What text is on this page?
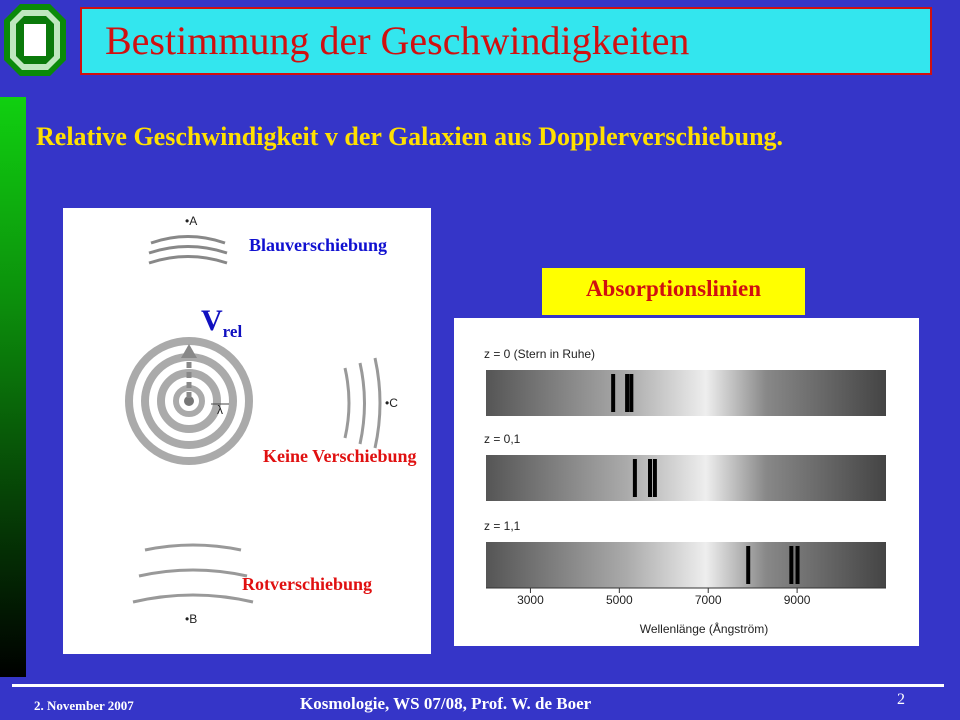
Bestimmung der Geschwindigkeiten
Relative Geschwindigkeit v der Galaxien aus Dopplerverschiebung.
•A
λ	•C
•B
Blauverschiebung
$V_{rel}$
Keine Verschiebung
Rotverschiebung
Absorptionslinien
z = 0 (Stern in Ruhe)
z = 0,1
z = 1,1
3000	5000	7000	9000
Wellenlänge (Ångström)
2. November 2007	Kosmologie, WS 07/08, Prof. W. de Boer	2
